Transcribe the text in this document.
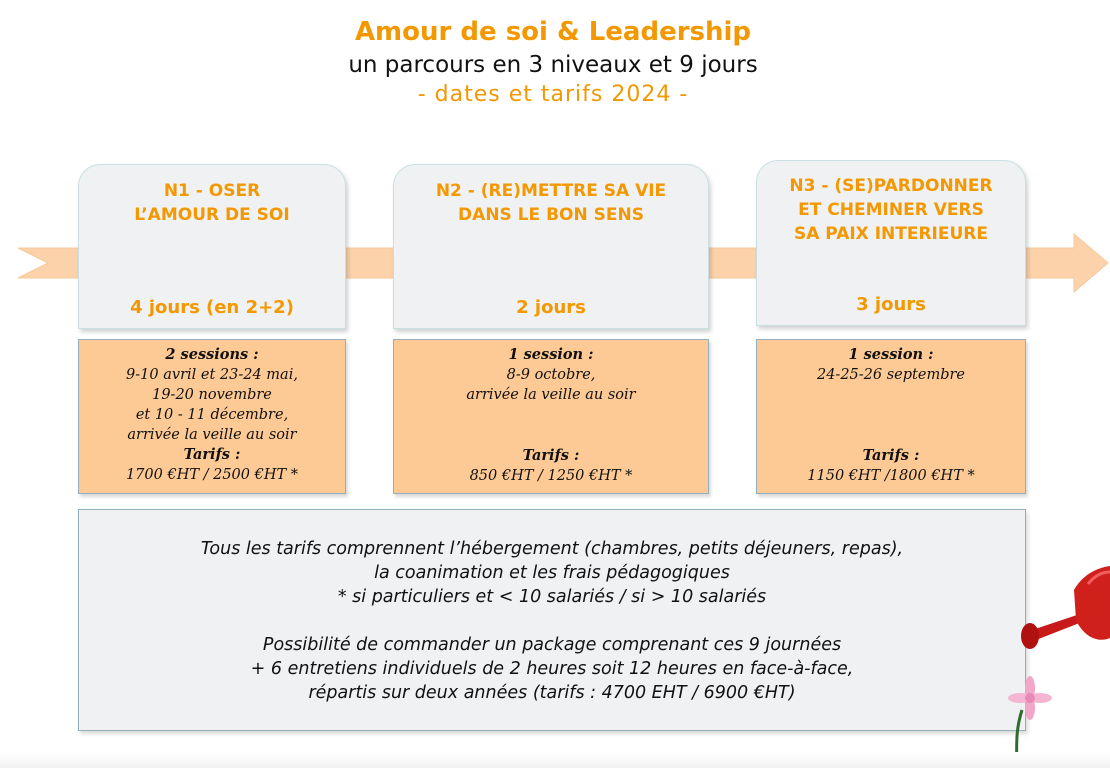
Amour de soi & Leadership
un parcours en 3 niveaux et 9 jours
- dates et tarifs 2024 -
N1 - OSER
L’AMOUR DE SOI
4 jours (en 2+2)
N2 - (RE)METTRE SA VIE
DANS LE BON SENS
2 jours
N3 - (SE)PARDONNER
ET CHEMINER VERS
SA PAIX INTERIEURE
3 jours
2 sessions :
9-10 avril et 23-24 mai,
19-20 novembre
et 10 - 11 décembre,
arrivée la veille au soir
Tarifs :
1700 €HT / 2500 €HT *
1 session :
8-9 octobre,
arrivée la veille au soir
Tarifs :
850 €HT / 1250 €HT *
1 session :
24-25-26 septembre
Tarifs :
1150 €HT /1800 €HT *

Tous les tarifs comprennent l’hébergement (chambres, petits déjeuners, repas),

la coanimation et les frais pédagogiques

* si particuliers et < 10 salariés / si > 10 salariés

Possibilité de commander un package comprenant ces 9 journées

+ 6 entretiens individuels de 2 heures soit 12 heures en face-à-face,

répartis sur deux années (tarifs : 4700 EHT / 6900 €HT)
